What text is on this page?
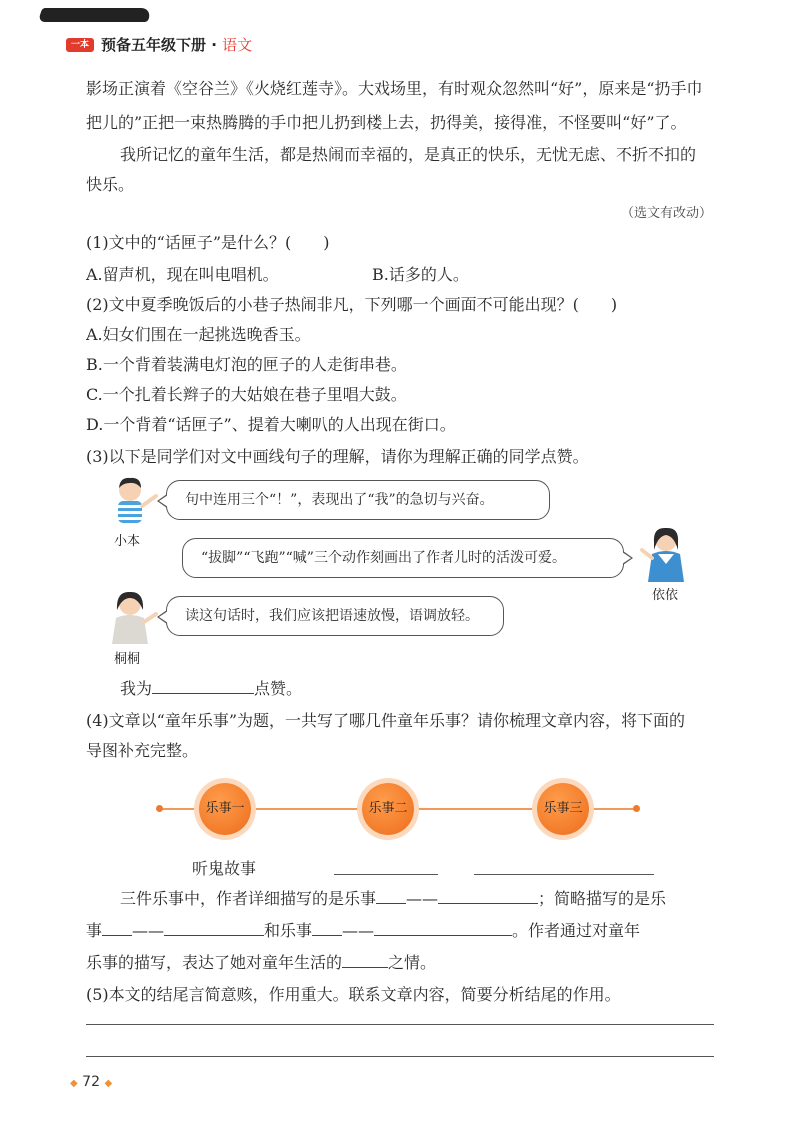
一本 预备五年级下册 · 语文
影场正演着《空谷兰》《火烧红莲寺》。大戏场里，有时观众忽然叫“好”，原来是“扔手巾
把儿的”正把一束热腾腾的手巾把儿扔到楼上去，扔得美，接得准，不怪要叫“好”了。
我所记忆的童年生活，都是热闹而幸福的，是真正的快乐，无忧无虑、不折不扣的
快乐。
（选文有改动）
(1)文中的“话匣子”是什么？(　　)
A.留声机，现在叫电唱机。	B.话多的人。
(2)文中夏季晚饭后的小巷子热闹非凡，下列哪一个画面不可能出现？(　　)
A.妇女们围在一起挑选晚香玉。
B.一个背着装满电灯泡的匣子的人走街串巷。
C.一个扎着长辫子的大姑娘在巷子里唱大鼓。
D.一个背着“话匣子”、提着大喇叭的人出现在街口。
(3)以下是同学们对文中画线句子的理解，请你为理解正确的同学点赞。
小本
句中连用三个“！”，表现出了“我”的急切与兴奋。
依依
“拔脚”“飞跑”“喊”三个动作刻画出了作者儿时的活泼可爱。
桐桐
读这句话时，我们应该把语速放慢，语调放轻。
我为	点赞。
(4)文章以“童年乐事”为题，一共写了哪几件童年乐事？请你梳理文章内容，将下面的
导图补充完整。
乐事一	乐事二	乐事三
听鬼故事
三件乐事中，作者详细描写的是乐事 ——	；简略描写的是乐
事 ——	和乐事 ——	。作者通过对童年
乐事的描写，表达了她对童年生活的	之情。
(5)本文的结尾言简意赅，作用重大。联系文章内容，简要分析结尾的作用。
◆ 72 ◆
